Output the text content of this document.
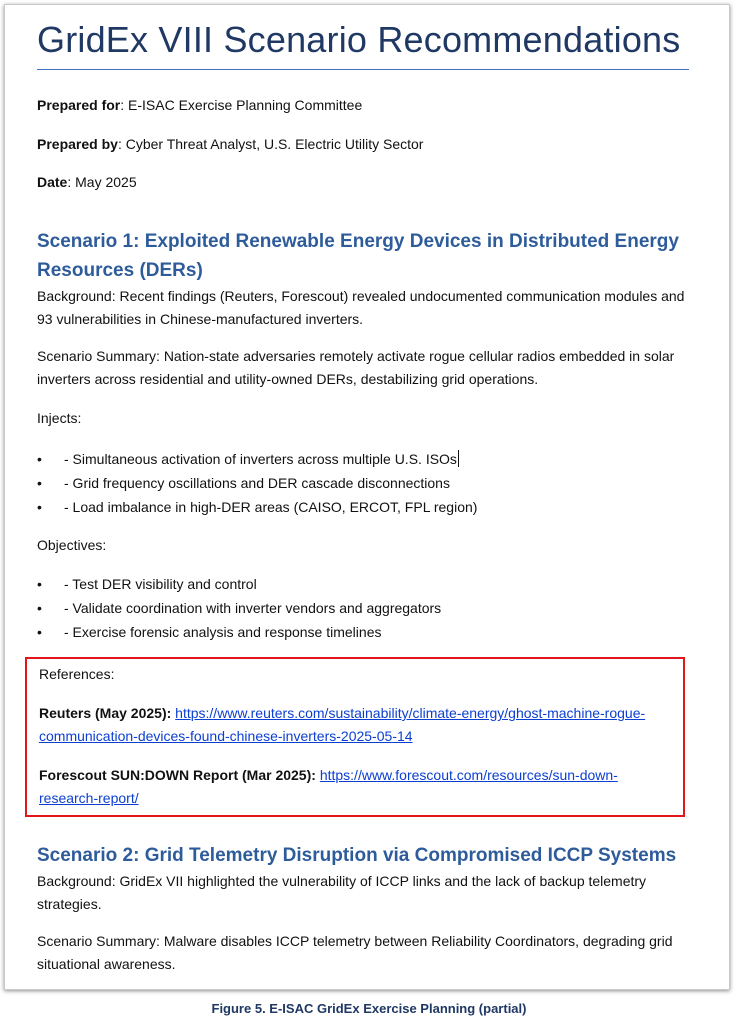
GridEx VIII Scenario Recommendations
Prepared for: E-ISAC Exercise Planning Committee
Prepared by: Cyber Threat Analyst, U.S. Electric Utility Sector
Date: May 2025
Scenario 1: Exploited Renewable Energy Devices in Distributed Energy
Resources (DERs)
Background: Recent findings (Reuters, Forescout) revealed undocumented communication modules and 93 vulnerabilities in Chinese-manufactured inverters.
Scenario Summary: Nation-state adversaries remotely activate rogue cellular radios embedded in solar inverters across residential and utility-owned DERs, destabilizing grid operations.
Injects:
• - Simultaneous activation of inverters across multiple U.S. ISOs
• - Grid frequency oscillations and DER cascade disconnections
• - Load imbalance in high-DER areas (CAISO, ERCOT, FPL region)
Objectives:
• - Test DER visibility and control
• - Validate coordination with inverter vendors and aggregators
• - Exercise forensic analysis and response timelines
References:
Reuters (May 2025): https://www.reuters.com/sustainability/climate-energy/ghost-machine-rogue-communication-devices-found-chinese-inverters-2025-05-14
Forescout SUN:DOWN Report (Mar 2025): https://www.forescout.com/resources/sun-down-research-report/
Scenario 2: Grid Telemetry Disruption via Compromised ICCP Systems
Background: GridEx VII highlighted the vulnerability of ICCP links and the lack of backup telemetry strategies.
Scenario Summary: Malware disables ICCP telemetry between Reliability Coordinators, degrading grid situational awareness.
Figure 5. E-ISAC GridEx Exercise Planning (partial)
